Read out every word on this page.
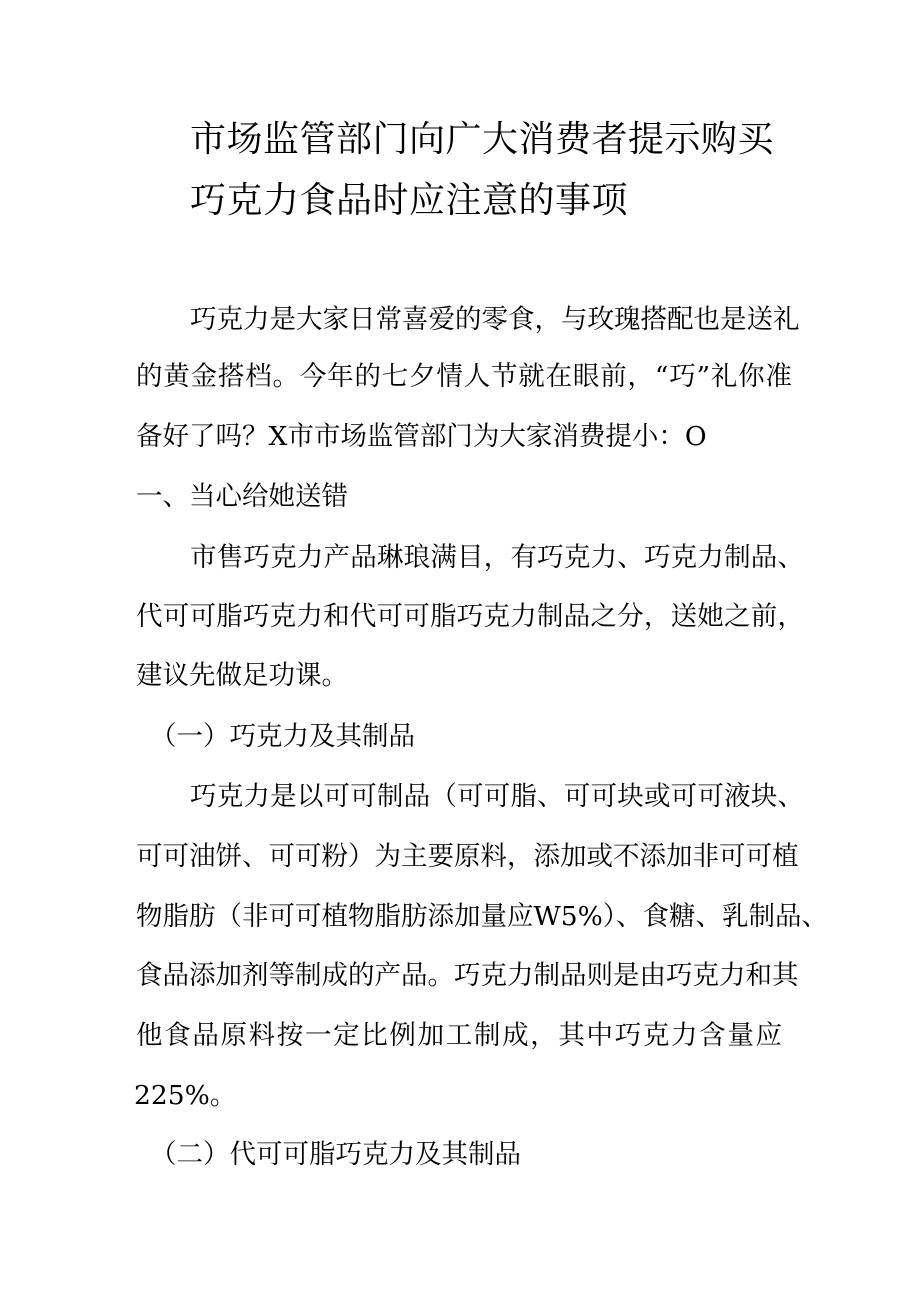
市场监管部门向广大消费者提示购买
巧克力食品时应注意的事项

巧克力是大家日常喜爱的零食，与玫瑰搭配也是送礼

的黄金搭档。今年的七夕情人节就在眼前，“巧”礼你准

备好了吗？X市市场监管部门为大家消费提小：O

一、当心给她送错

市售巧克力产品琳琅满目，有巧克力、巧克力制品、

代可可脂巧克力和代可可脂巧克力制品之分，送她之前，

建议先做足功课。

（一）巧克力及其制品

巧克力是以可可制品（可可脂、可可块或可可液块、

可可油饼、可可粉）为主要原料，添加或不添加非可可植

物脂肪（非可可植物脂肪添加量应W5%）、食糖、乳制品、

食品添加剂等制成的产品。巧克力制品则是由巧克力和其

他食品原料按一定比例加工制成，其中巧克力含量应

225%。

（二）代可可脂巧克力及其制品
